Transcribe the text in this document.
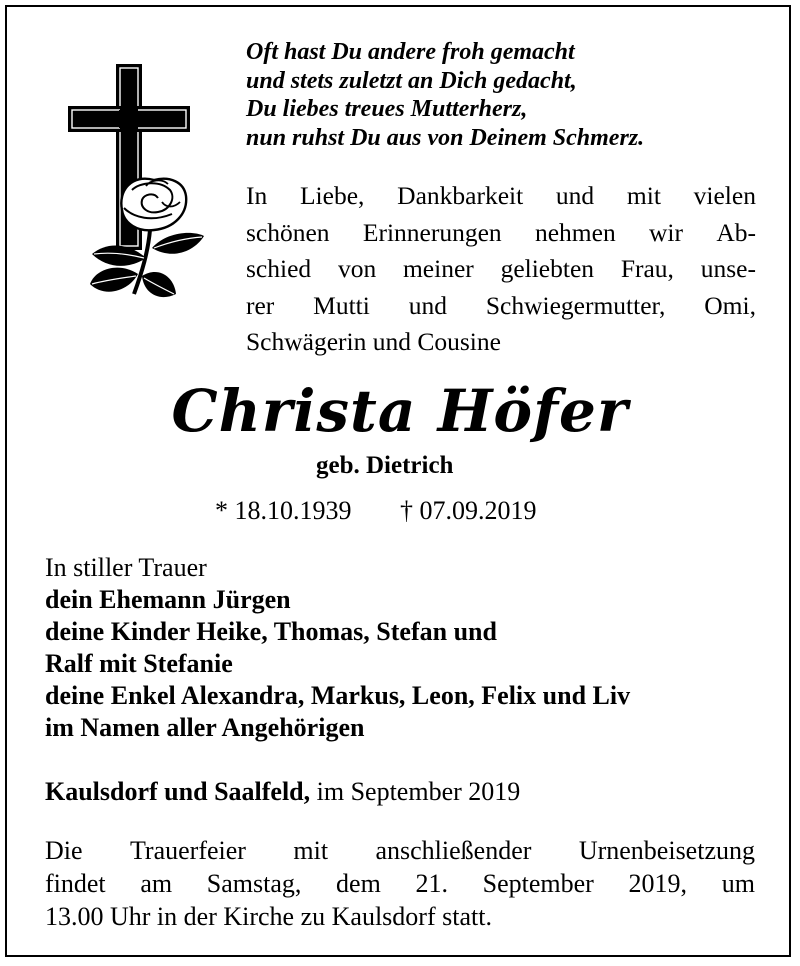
Oft hast Du andere froh gemacht
und stets zuletzt an Dich gedacht,
Du liebes treues Mutterherz,
nun ruhst Du aus von Deinem Schmerz.
In Liebe, Dankbarkeit und mit vielen
schönen Erinnerungen nehmen wir Ab-
schied von meiner geliebten Frau, unse-
rer Mutti und Schwiegermutter, Omi,
Schwägerin und Cousine
Christa Höfer
geb. Dietrich
* 18.10.1939 † 07.09.2019
In stiller Trauer
dein Ehemann Jürgen
deine Kinder Heike, Thomas, Stefan und
Ralf mit Stefanie
deine Enkel Alexandra, Markus, Leon, Felix und Liv
im Namen aller Angehörigen
Kaulsdorf und Saalfeld, im September 2019
Die Trauerfeier mit anschließender Urnenbeisetzung
findet am Samstag, dem 21. September 2019, um
13.00 Uhr in der Kirche zu Kaulsdorf statt.
